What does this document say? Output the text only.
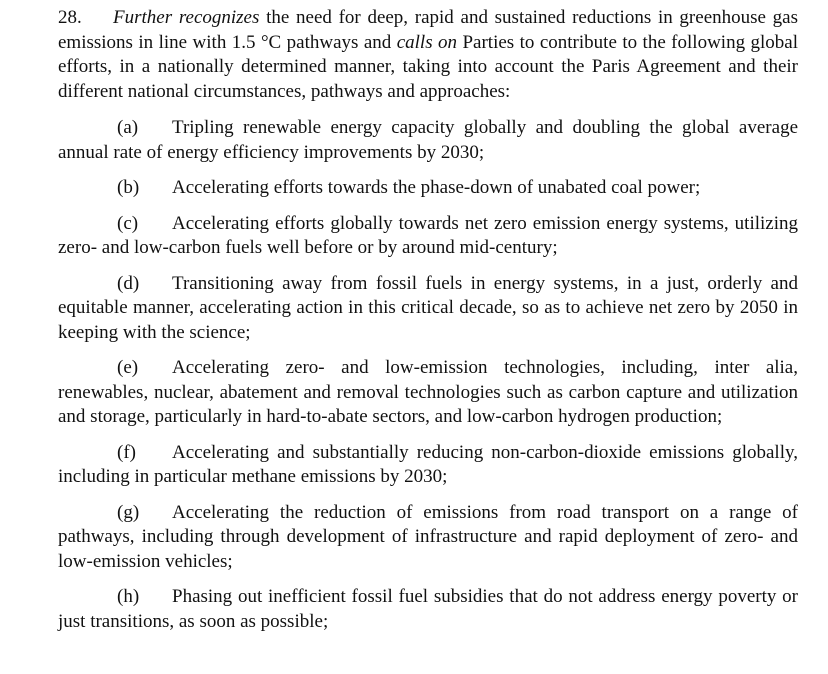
28. Further recognizes the need for deep, rapid and sustained reductions in greenhouse gas emissions in line with 1.5 °C pathways and calls on Parties to contribute to the following global efforts, in a nationally determined manner, taking into account the Paris Agreement and their different national circumstances, pathways and approaches:

(a) Tripling renewable energy capacity globally and doubling the global average annual rate of energy efficiency improvements by 2030;

(b) Accelerating efforts towards the phase-down of unabated coal power;

(c) Accelerating efforts globally towards net zero emission energy systems, utilizing zero- and low-carbon fuels well before or by around mid-century;

(d) Transitioning away from fossil fuels in energy systems, in a just, orderly and equitable manner, accelerating action in this critical decade, so as to achieve net zero by 2050 in keeping with the science;

(e) Accelerating zero- and low-emission technologies, including, inter alia, renewables, nuclear, abatement and removal technologies such as carbon capture and utilization and storage, particularly in hard-to-abate sectors, and low-carbon hydrogen production;

(f) Accelerating and substantially reducing non-carbon-dioxide emissions globally, including in particular methane emissions by 2030;

(g) Accelerating the reduction of emissions from road transport on a range of pathways, including through development of infrastructure and rapid deployment of zero- and low-emission vehicles;

(h) Phasing out inefficient fossil fuel subsidies that do not address energy poverty or just transitions, as soon as possible;
